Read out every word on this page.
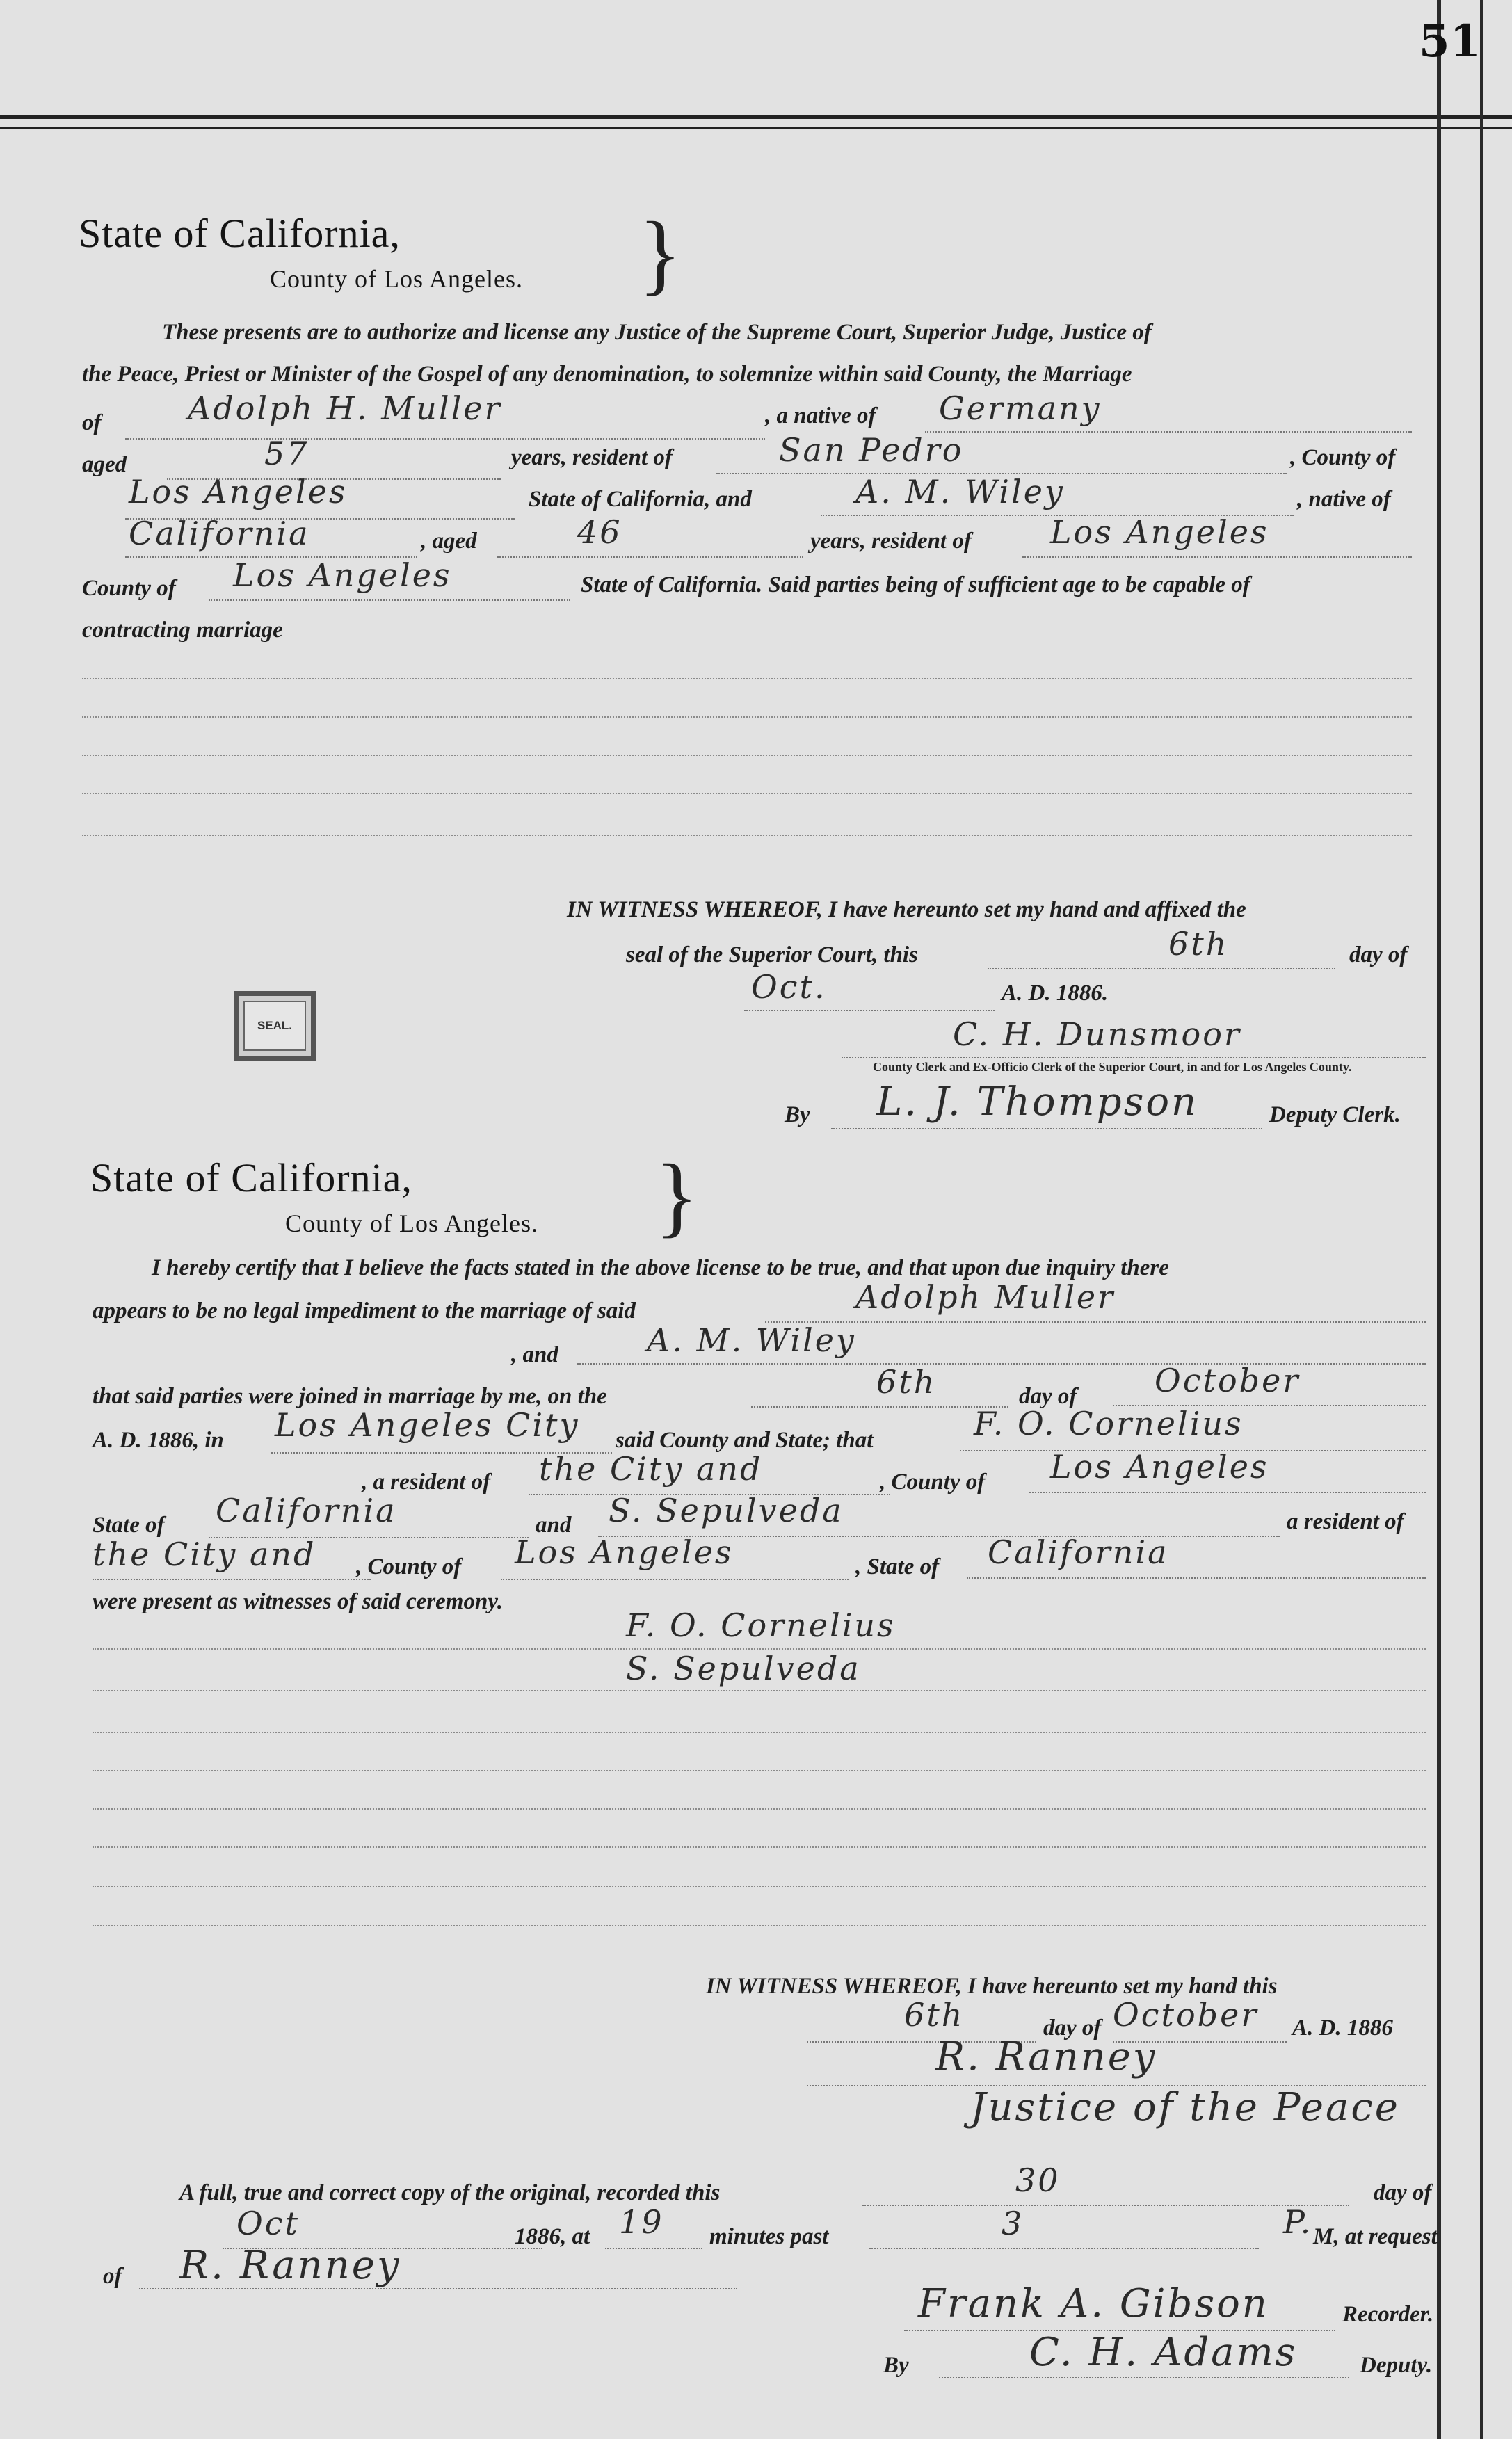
51
State of California,
County of Los Angeles. }
These presents are to authorize and license any Justice of the Supreme Court, Superior Judge, Justice of
the Peace, Priest or Minister of the Gospel of any denomination, to solemnize within said County, the Marriage
of	Adolph H. Muller	, a native of Germany
aged	57	years, resident of	San Pedro	, County of
Los Angeles	State of California, and	A. M. Wiley	, native of
California	, aged	46	years, resident of Los Angeles
County of Los Angeles	State of California. Said parties being of sufficient age to be capable of
contracting marriage
IN WITNESS WHEREOF, I have hereunto set my hand and affixed the
seal of the Superior Court, this	6th	day of
Oct.	A. D. 1886.
SEAL.	C. H. Dunsmoor
County Clerk and Ex-Officio Clerk of the Superior Court, in and for Los Angeles County.
By L. J. Thompson	Deputy Clerk.
State of California,
County of Los Angeles. }
I hereby certify that I believe the facts stated in the above license to be true, and that upon due inquiry there
appears to be no legal impediment to the marriage of said	Adolph Muller
, and	A. M. Wiley
that said parties were joined in marriage by me, on the	6th	day of October
A. D. 1886, in Los Angeles City said County and State; that	F. O. Cornelius
, a resident of the City and	, County of Los Angeles
State of California	and S. Sepulveda	a resident of
the City and , County of Los Angeles	, State of California
were present as witnesses of said ceremony.
F. O. Cornelius
S. Sepulveda
IN WITNESS WHEREOF, I have hereunto set my hand this
6th	day of October A. D. 1886
R. Ranney
Justice of the Peace
A full, true and correct copy of the original, recorded this	30	day of
Oct	1886, at 19 minutes past	3	P. M, at request
of R. Ranney
Frank A. Gibson	Recorder.
By	C. H. Adams	Deputy.
